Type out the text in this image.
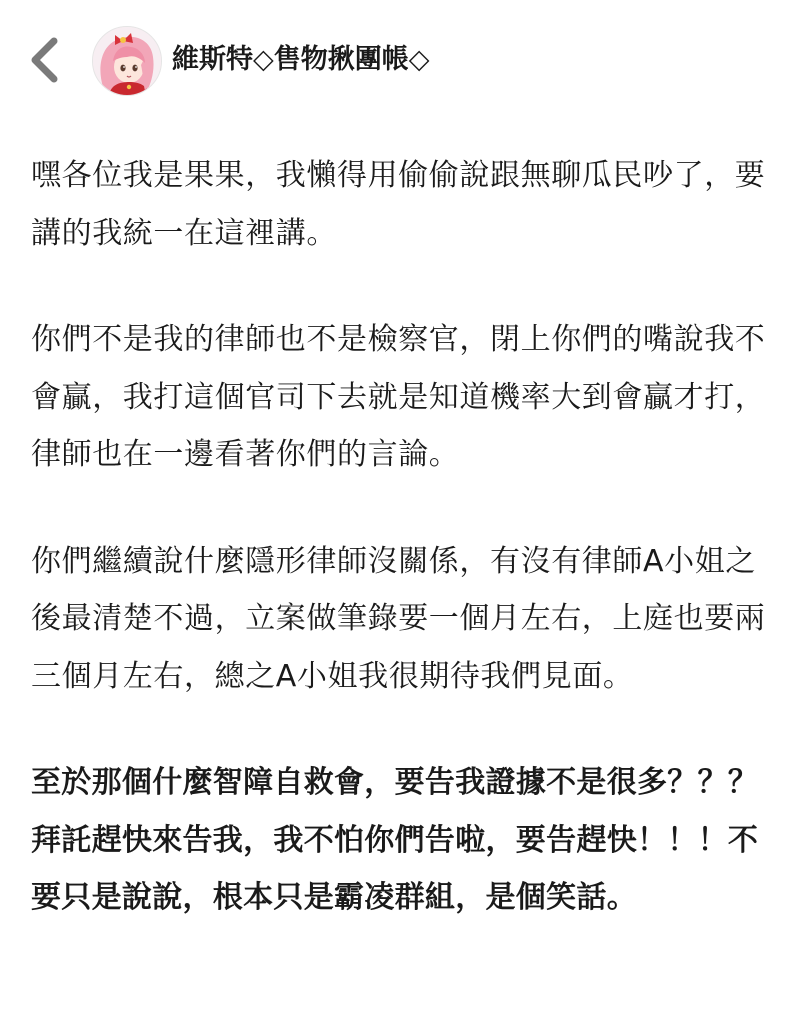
維斯特◇售物揪團帳◇

嘿各位我是果果，我懶得用偷偷說跟無聊瓜民吵了，要講的我統一在這裡講。

你們不是我的律師也不是檢察官，閉上你們的嘴說我不會贏，我打這個官司下去就是知道機率大到會贏才打，律師也在一邊看著你們的言論。

你們繼續說什麼隱形律師沒關係，有沒有律師A小姐之後最清楚不過，立案做筆錄要一個月左右，上庭也要兩三個月左右，總之A小姐我很期待我們見面。

至於那個什麼智障自救會，要告我證據不是很多？？？拜託趕快來告我，我不怕你們告啦，要告趕快！！！不要只是說說，根本只是霸凌群組，是個笑話。
